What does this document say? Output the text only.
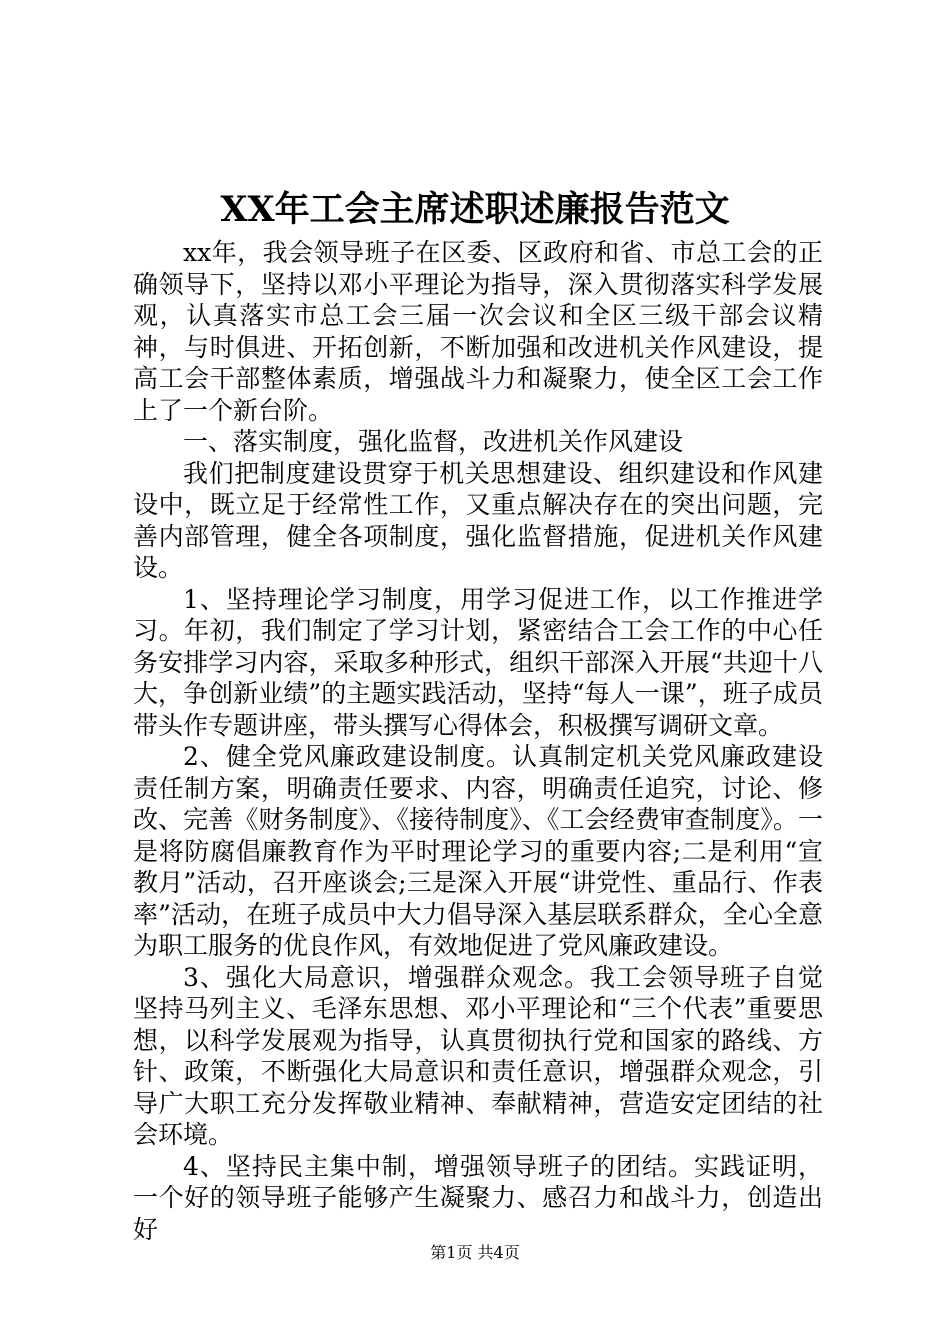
XX年工会主席述职述廉报告范文

xx年，我会领导班子在区委、区政府和省、市总工会的正确领导下，坚持以邓小平理论为指导，深入贯彻落实科学发展观，认真落实市总工会三届一次会议和全区三级干部会议精神，与时俱进、开拓创新，不断加强和改进机关作风建设，提高工会干部整体素质，增强战斗力和凝聚力，使全区工会工作上了一个新台阶。

一、落实制度，强化监督，改进机关作风建设

我们把制度建设贯穿于机关思想建设、组织建设和作风建设中，既立足于经常性工作，又重点解决存在的突出问题，完善内部管理，健全各项制度，强化监督措施，促进机关作风建设。

1、坚持理论学习制度，用学习促进工作，以工作推进学习。年初，我们制定了学习计划，紧密结合工会工作的中心任务安排学习内容，采取多种形式，组织干部深入开展“共迎十八大，争创新业绩”的主题实践活动，坚持“每人一课”，班子成员带头作专题讲座，带头撰写心得体会，积极撰写调研文章。

2、健全党风廉政建设制度。认真制定机关党风廉政建设责任制方案，明确责任要求、内容，明确责任追究，讨论、修改、完善《财务制度》、《接待制度》、《工会经费审查制度》。一是将防腐倡廉教育作为平时理论学习的重要内容;二是利用“宣教月”活动，召开座谈会;三是深入开展“讲党性、重品行、作表率”活动，在班子成员中大力倡导深入基层联系群众，全心全意为职工服务的优良作风，有效地促进了党风廉政建设。

3、强化大局意识，增强群众观念。我工会领导班子自觉坚持马列主义、毛泽东思想、邓小平理论和“三个代表”重要思想，以科学发展观为指导，认真贯彻执行党和国家的路线、方针、政策，不断强化大局意识和责任意识，增强群众观念，引导广大职工充分发挥敬业精神、奉献精神，营造安定团结的社会环境。

4、坚持民主集中制，增强领导班子的团结。实践证明，一个好的领导班子能够产生凝聚力、感召力和战斗力，创造出好

第1页 共4页
